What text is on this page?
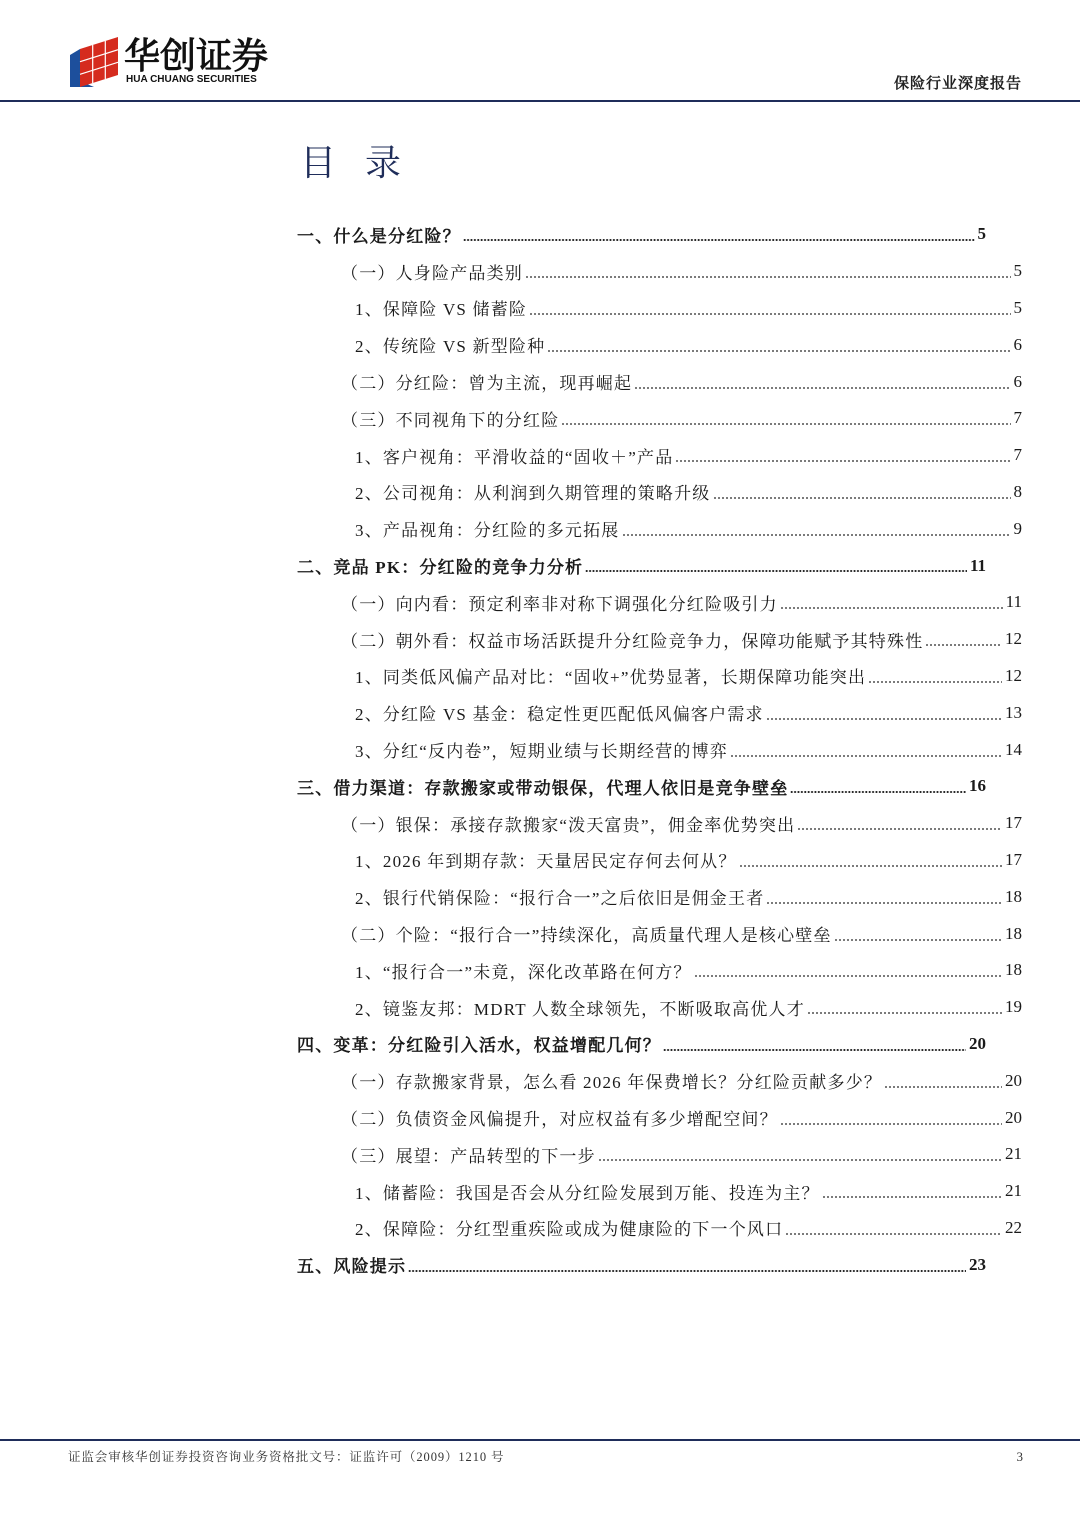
华创证券
HUA CHUANG SECURITIES	保险行业深度报告
目 录
一、什么是分红险？	5
（一）人身险产品类别	5
1、保障险 VS 储蓄险	5
2、传统险 VS 新型险种	6
（二）分红险：曾为主流，现再崛起	6
（三）不同视角下的分红险	7
1、客户视角：平滑收益的“固收＋”产品	7
2、公司视角：从利润到久期管理的策略升级	8
3、产品视角：分红险的多元拓展	9
二、竞品 PK：分红险的竞争力分析	11
（一）向内看：预定利率非对称下调强化分红险吸引力	11
（二）朝外看：权益市场活跃提升分红险竞争力，保障功能赋予其特殊性	12
1、同类低风偏产品对比：“固收+”优势显著，长期保障功能突出	12
2、分红险 VS 基金：稳定性更匹配低风偏客户需求	13
3、分红“反内卷”，短期业绩与长期经营的博弈	14
三、借力渠道：存款搬家或带动银保，代理人依旧是竞争壁垒	16
（一）银保：承接存款搬家“泼天富贵”，佣金率优势突出	17
1、2026 年到期存款：天量居民定存何去何从？	17
2、银行代销保险：“报行合一”之后依旧是佣金王者	18
（二）个险：“报行合一”持续深化，高质量代理人是核心壁垒	18
1、“报行合一”未竟，深化改革路在何方？	18
2、镜鉴友邦：MDRT 人数全球领先，不断吸取高优人才	19
四、变革：分红险引入活水，权益增配几何？	20
（一）存款搬家背景，怎么看 2026 年保费增长？分红险贡献多少？	20
（二）负债资金风偏提升，对应权益有多少增配空间？	20
（三）展望：产品转型的下一步	21
1、储蓄险：我国是否会从分红险发展到万能、投连为主？	21
2、保障险：分红型重疾险或成为健康险的下一个风口	22
五、风险提示	23
证监会审核华创证券投资咨询业务资格批文号：证监许可（2009）1210 号	3
